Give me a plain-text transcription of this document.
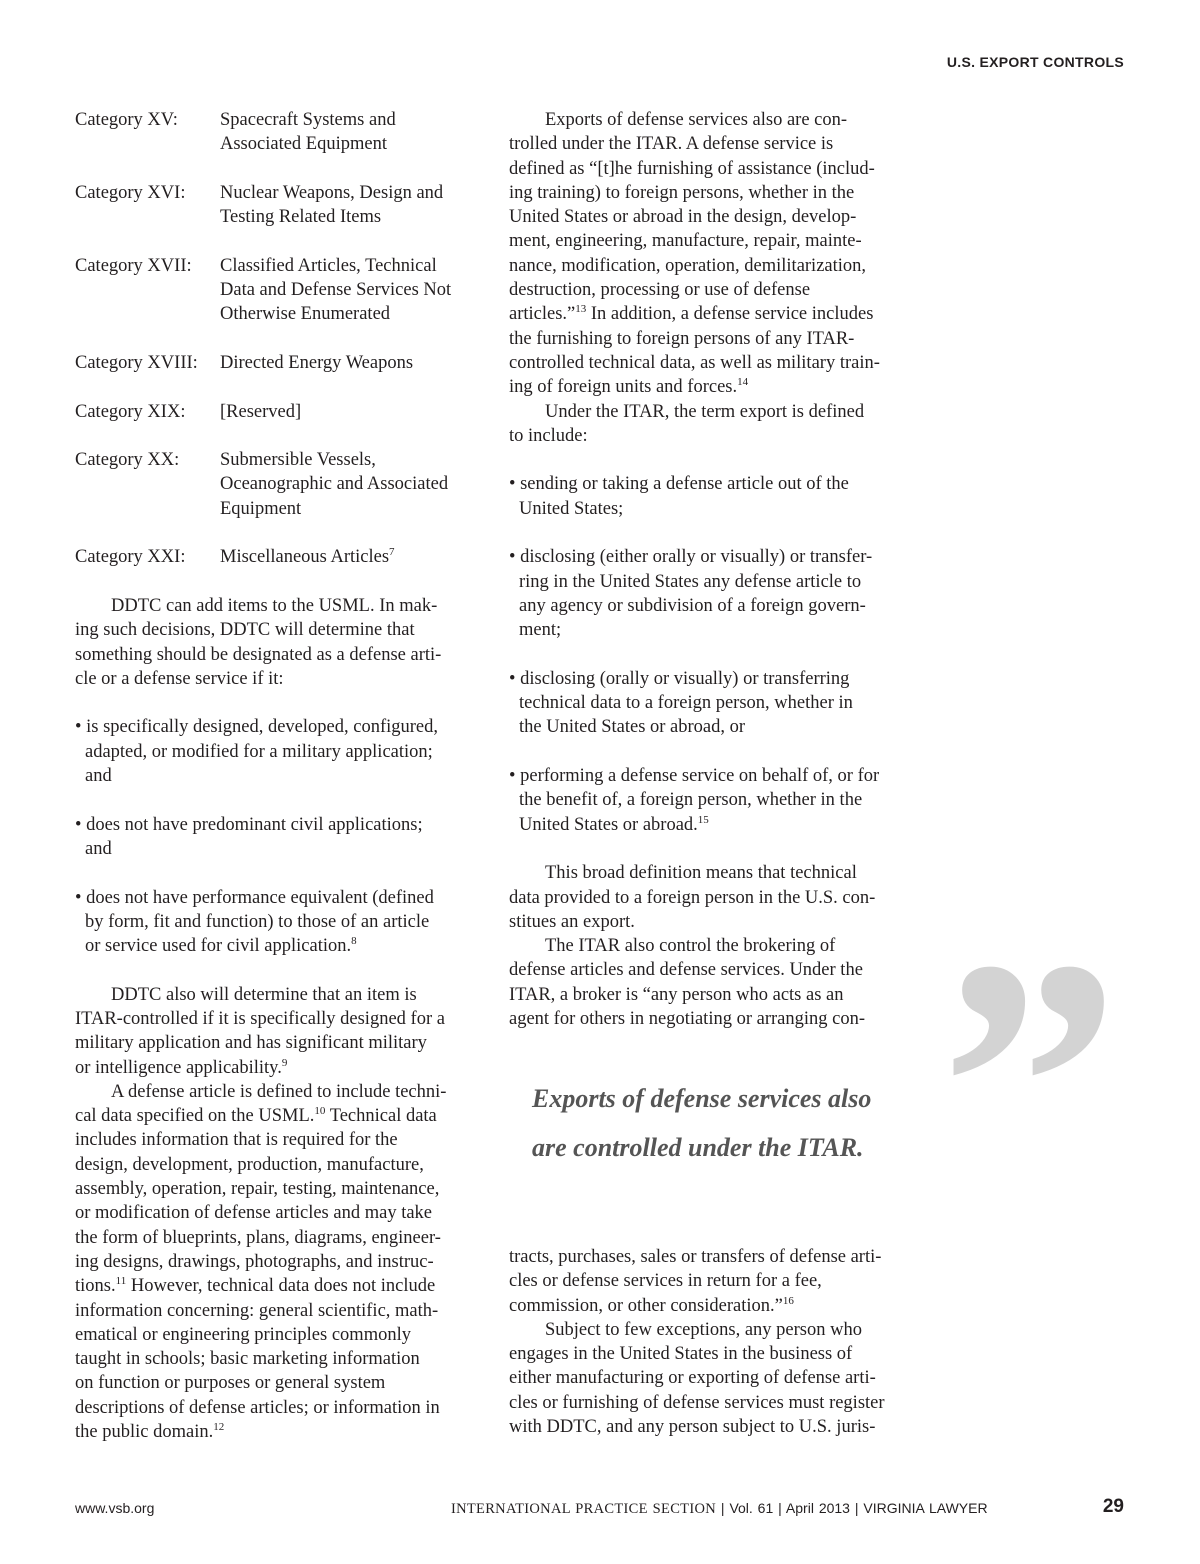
U.S. EXPORT CONTROLS
”
Category XV:	Spacecraft Systems and
Associated Equipment
Category XVI:	Nuclear Weapons, Design and
Testing Related Items
Category XVII:	Classified Articles, Technical
Data and Defense Services Not
Otherwise Enumerated
Category XVIII:	Directed Energy Weapons
Category XIX:	[Reserved]
Category XX:	Submersible Vessels,
Oceanographic and Associated
Equipment
Category XXI:	Miscellaneous Articles$^7$

DDTC can add items to the USML. In mak-
ing such decisions, DDTC will determine that
something should be designated as a defense arti-
cle or a defense service if it:

• is specifically designed, developed, configured,
adapted, or modified for a military application;
and

• does not have predominant civil applications;
and

• does not have performance equivalent (defined
by form, fit and function) to those of an article
or service used for civil application.$^8$

DDTC also will determine that an item is
ITAR-controlled if it is specifically designed for a
military application and has significant military
or intelligence applicability.$^9$

A defense article is defined to include techni-
cal data specified on the USML.$^{10}$ Technical data
includes information that is required for the
design, development, production, manufacture,
assembly, operation, repair, testing, maintenance,
or modification of defense articles and may take
the form of blueprints, plans, diagrams, engineer-
ing designs, drawings, photographs, and instruc-
tions.$^{11}$ However, technical data does not include
information concerning: general scientific, math-
ematical or engineering principles commonly
taught in schools; basic marketing information
on function or purposes or general system
descriptions of defense articles; or information in
the public domain.$^{12}$

Exports of defense services also are con-
trolled under the ITAR. A defense service is
defined as “[t]he furnishing of assistance (includ-
ing training) to foreign persons, whether in the
United States or abroad in the design, develop-
ment, engineering, manufacture, repair, mainte-
nance, modification, operation, demilitarization,
destruction, processing or use of defense
articles.”$^{13}$ In addition, a defense service includes
the furnishing to foreign persons of any ITAR-
controlled technical data, as well as military train-
ing of foreign units and forces.$^{14}$

Under the ITAR, the term export is defined
to include:

• sending or taking a defense article out of the
United States;

• disclosing (either orally or visually) or transfer-
ring in the United States any defense article to
any agency or subdivision of a foreign govern-
ment;

• disclosing (orally or visually) or transferring
technical data to a foreign person, whether in
the United States or abroad, or

• performing a defense service on behalf of, or for
the benefit of, a foreign person, whether in the
United States or abroad.$^{15}$

This broad definition means that technical
data provided to a foreign person in the U.S. con-
stitues an export.

The ITAR also control the brokering of
defense articles and defense services. Under the
ITAR, a broker is “any person who acts as an
agent for others in negotiating or arranging con-

Exports of defense services also
are controlled under the ITAR.

tracts, purchases, sales or transfers of defense arti-
cles or defense services in return for a fee,
commission, or other consideration.”$^{16}$

Subject to few exceptions, any person who
engages in the United States in the business of
either manufacturing or exporting of defense arti-
cles or furnishing of defense services must register
with DDTC, and any person subject to U.S. juris-

www.vsb.org	INTERNATIONAL PRACTICE SECTION | Vol. 61 | April 2013 | VIRGINIA LAWYER	29
